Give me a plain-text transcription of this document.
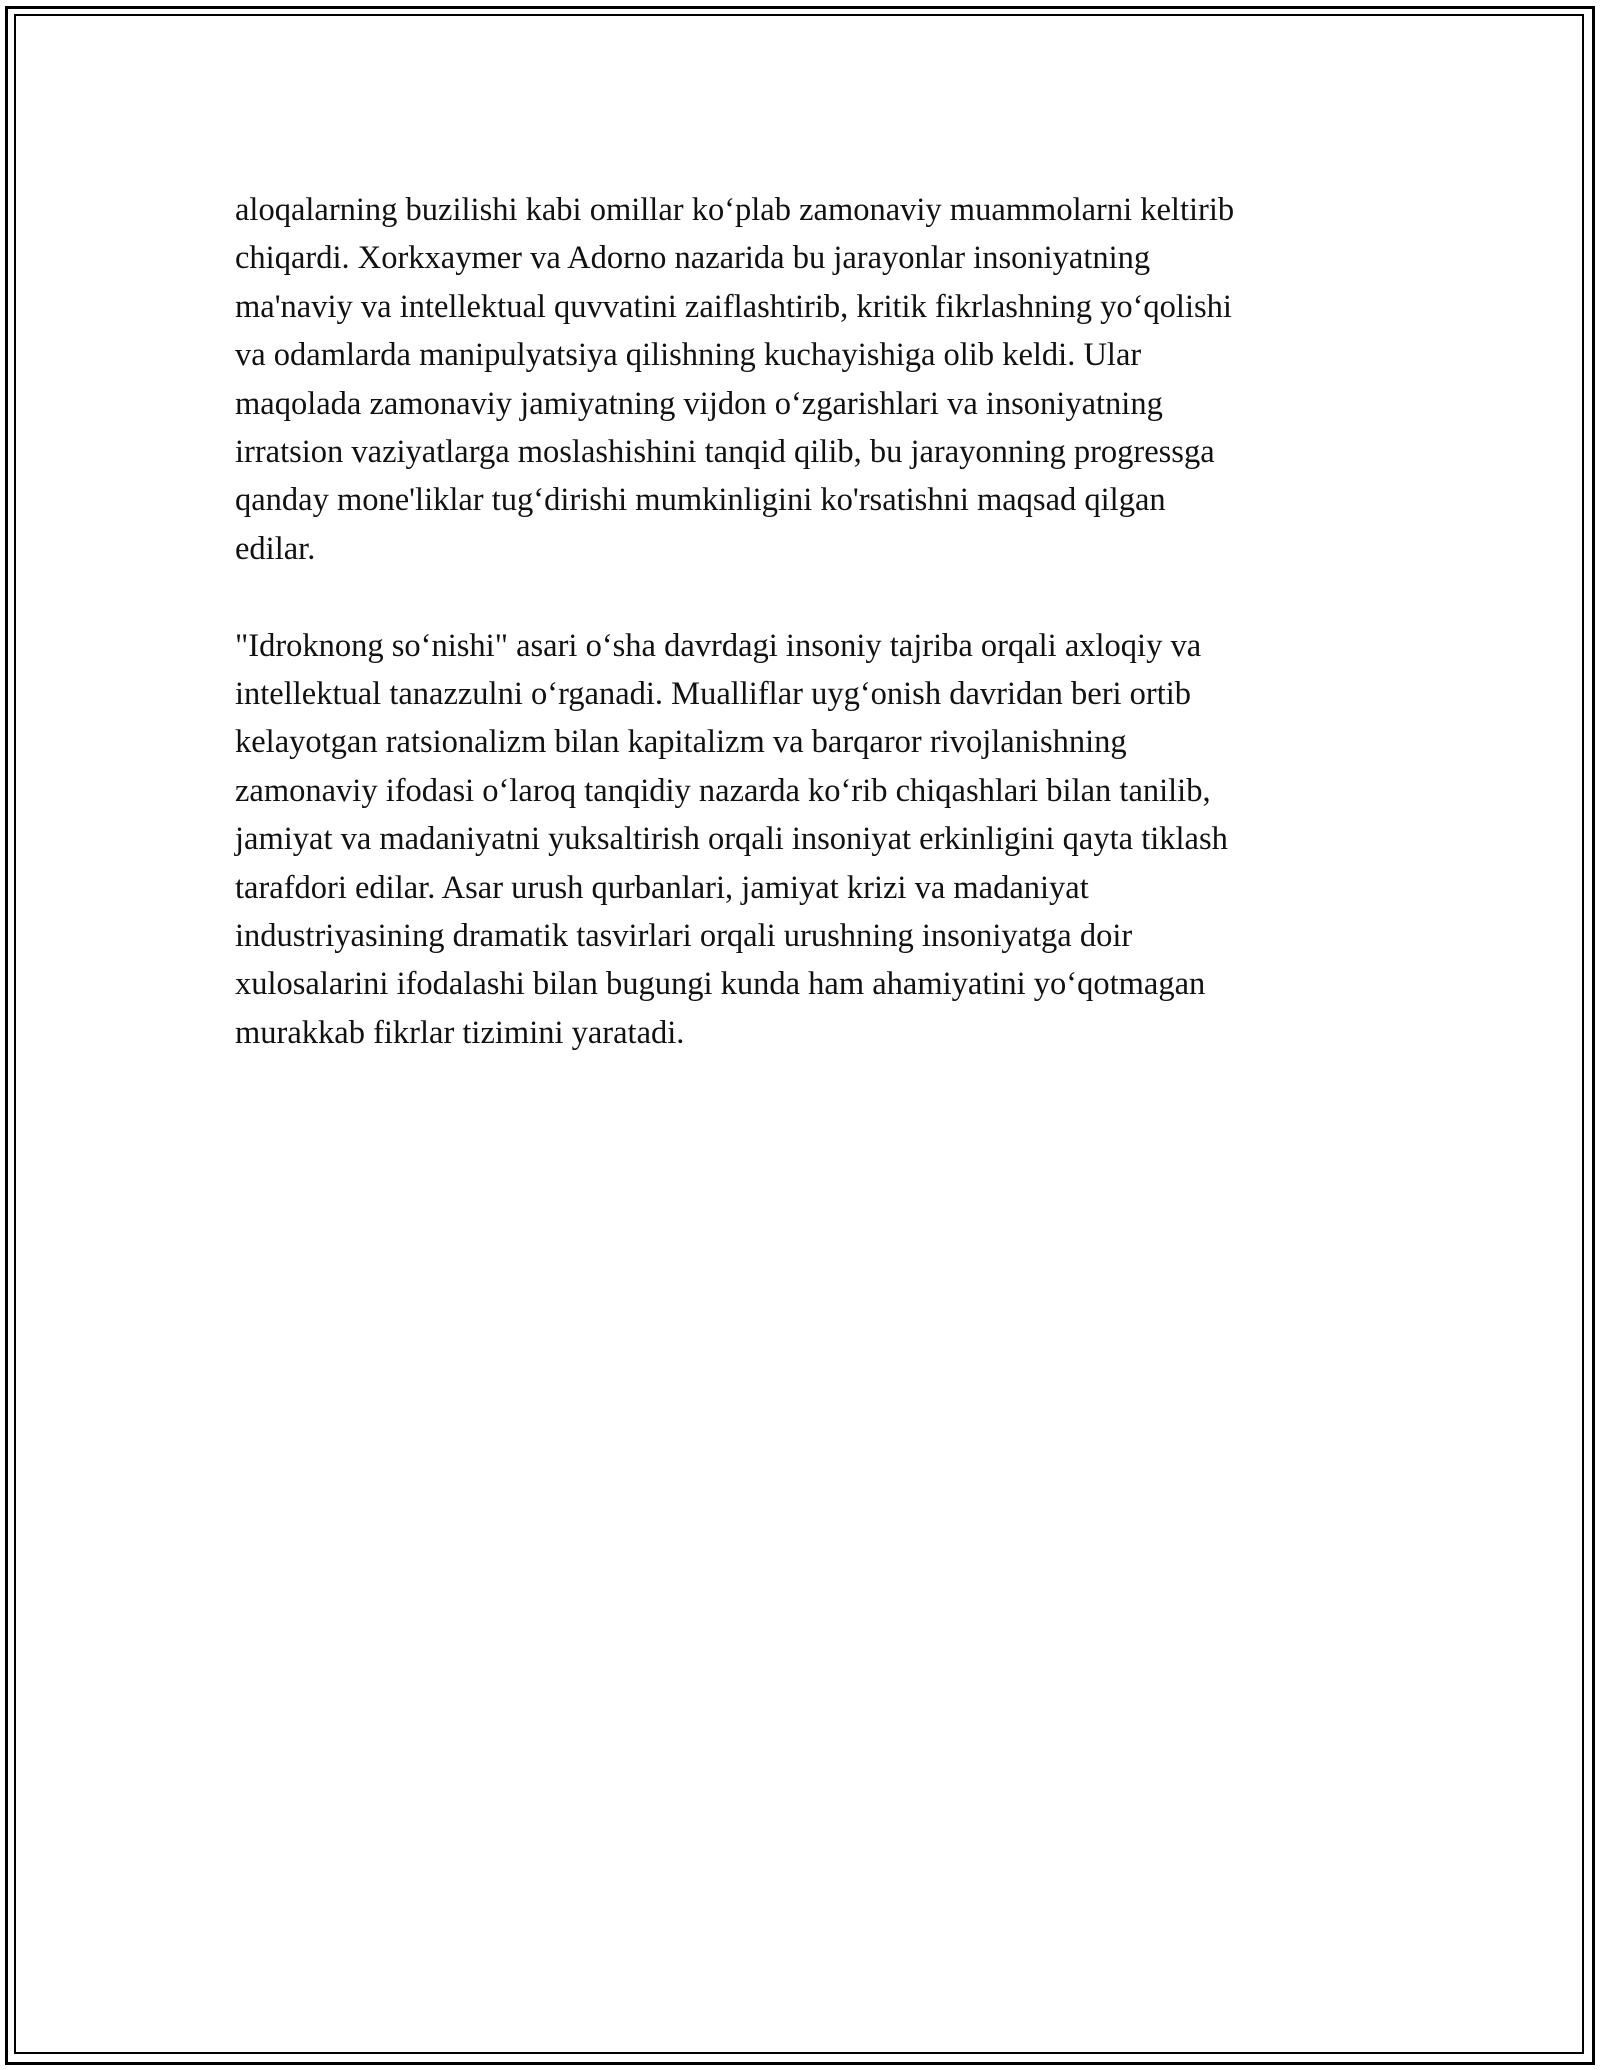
aloqalarning buzilishi kabi omillar ko‘plab zamonaviy muammolarni keltirib
chiqardi. Xorkxaymer va Adorno nazarida bu jarayonlar insoniyatning
ma'naviy va intellektual quvvatini zaiflashtirib, kritik fikrlashning yo‘qolishi
va odamlarda manipulyatsiya qilishning kuchayishiga olib keldi. Ular
maqolada zamonaviy jamiyatning vijdon o‘zgarishlari va insoniyatning
irratsion vaziyatlarga moslashishini tanqid qilib, bu jarayonning progressga
qanday mone'liklar tug‘dirishi mumkinligini ko'rsatishni maqsad qilgan
edilar.

"Idroknong so‘nishi" asari o‘sha davrdagi insoniy tajriba orqali axloqiy va
intellektual tanazzulni o‘rganadi. Mualliflar uyg‘onish davridan beri ortib
kelayotgan ratsionalizm bilan kapitalizm va barqaror rivojlanishning
zamonaviy ifodasi o‘laroq tanqidiy nazarda ko‘rib chiqashlari bilan tanilib,
jamiyat va madaniyatni yuksaltirish orqali insoniyat erkinligini qayta tiklash
tarafdori edilar. Asar urush qurbanlari, jamiyat krizi va madaniyat
industriyasining dramatik tasvirlari orqali urushning insoniyatga doir
xulosalarini ifodalashi bilan bugungi kunda ham ahamiyatini yo‘qotmagan
murakkab fikrlar tizimini yaratadi.
